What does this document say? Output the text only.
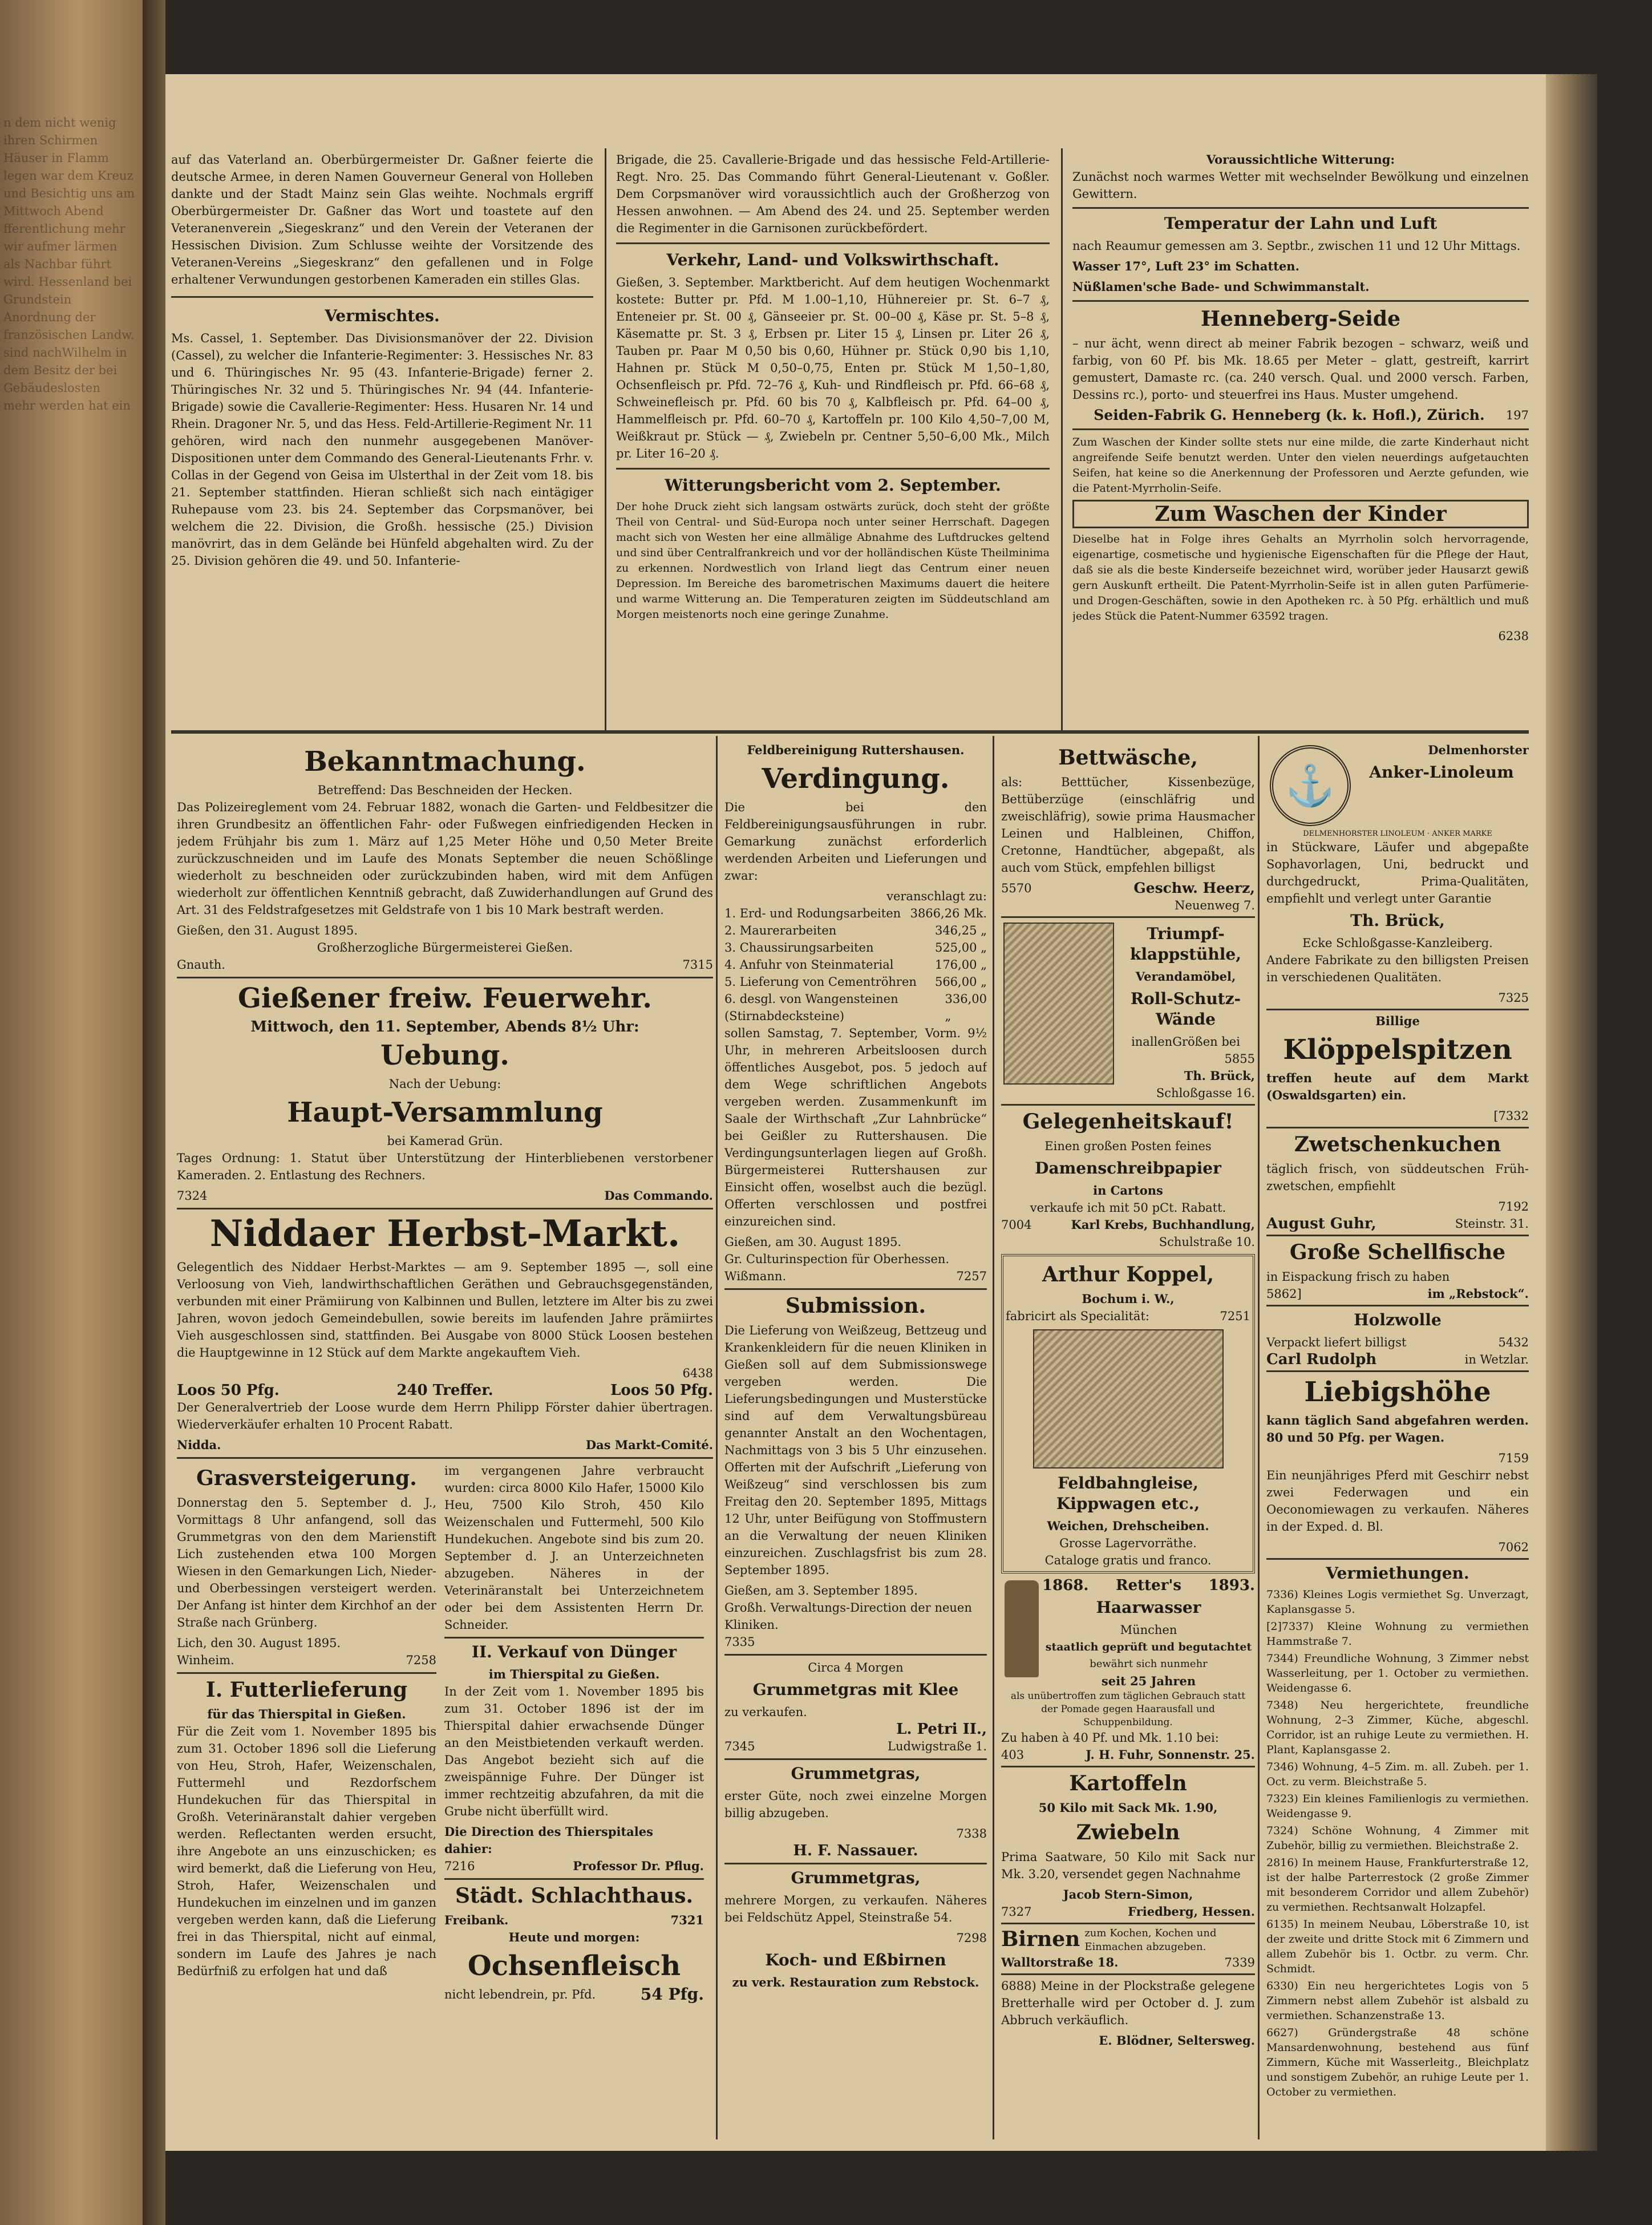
n dem nicht wenig ihren Schirmen Häuser in Flamm legen war dem Kreuz und Besichtig uns am Mittwoch Abend fferentlichung mehr wir aufmer lärmen als Nachbar führt wird. Hessenland bei Grundstein Anordnung der französischen Landw. sind nachWilhelm in dem Besitz der bei Gebäudeslosten mehr werden hat ein

auf das Vaterland an. Oberbürgermeister Dr. Gaßner feierte die deutsche Armee, in deren Namen Gouverneur General von Holleben dankte und der Stadt Mainz sein Glas weihte. Nochmals ergriff Oberbürgermeister Dr. Gaßner das Wort und toastete auf den Veteranenverein „Siegeskranz“ und den Verein der Veteranen der Hessischen Division. Zum Schlusse weihte der Vorsitzende des Veteranen-Vereins „Siegeskranz“ den gefallenen und in Folge erhaltener Verwundungen gestorbenen Kameraden ein stilles Glas.

Vermischtes.

Ms. Cassel, 1. September. Das Divisionsmanöver der 22. Division (Cassel), zu welcher die Infanterie-Regimenter: 3. Hessisches Nr. 83 und 6. Thüringisches Nr. 95 (43. Infanterie-Brigade) ferner 2. Thüringisches Nr. 32 und 5. Thüringisches Nr. 94 (44. Infanterie-Brigade) sowie die Cavallerie-Regimenter: Hess. Husaren Nr. 14 und Rhein. Dragoner Nr. 5, und das Hess. Feld-Artillerie-Regiment Nr. 11 gehören, wird nach den nunmehr ausgegebenen Manöver-Dispositionen unter dem Commando des General-Lieutenants Frhr. v. Collas in der Gegend von Geisa im Ulsterthal in der Zeit vom 18. bis 21. September stattfinden. Hieran schließt sich nach eintägiger Ruhepause vom 23. bis 24. September das Corpsmanöver, bei welchem die 22. Division, die Großh. hessische (25.) Division manövrirt, das in dem Gelände bei Hünfeld abgehalten wird. Zu der 25. Division gehören die 49. und 50. Infanterie-

Brigade, die 25. Cavallerie-Brigade und das hessische Feld-Artillerie-Regt. Nro. 25. Das Commando führt General-Lieutenant v. Goßler. Dem Corpsmanöver wird voraussichtlich auch der Großherzog von Hessen anwohnen. — Am Abend des 24. und 25. September werden die Regimenter in die Garnisonen zurückbefördert.

Verkehr, Land- und Volkswirthschaft.

Gießen, 3. September. Marktbericht. Auf dem heutigen Wochenmarkt kostete: Butter pr. Pfd. M 1.00–1,10, Hühnereier pr. St. 6–7 ₰, Enteneier pr. St. 00 ₰, Gänseeier pr. St. 00–00 ₰, Käse pr. St. 5–8 ₰, Käsematte pr. St. 3 ₰, Erbsen pr. Liter 15 ₰, Linsen pr. Liter 26 ₰, Tauben pr. Paar M 0,50 bis 0,60, Hühner pr. Stück 0,90 bis 1,10, Hahnen pr. Stück M 0,50–0,75, Enten pr. Stück M 1,50–1,80, Ochsenfleisch pr. Pfd. 72–76 ₰, Kuh- und Rindfleisch pr. Pfd. 66–68 ₰, Schweinefleisch pr. Pfd. 60 bis 70 ₰, Kalbfleisch pr. Pfd. 64–00 ₰, Hammelfleisch pr. Pfd. 60–70 ₰, Kartoffeln pr. 100 Kilo 4,50–7,00 M, Weißkraut pr. Stück — ₰, Zwiebeln pr. Centner 5,50–6,00 Mk., Milch pr. Liter 16–20 ₰.

Witterungsbericht vom 2. September.

Der hohe Druck zieht sich langsam ostwärts zurück, doch steht der größte Theil von Central- und Süd-Europa noch unter seiner Herrschaft. Dagegen macht sich von Westen her eine allmälige Abnahme des Luftdruckes geltend und sind über Centralfrankreich und vor der holländischen Küste Theilminima zu erkennen. Nordwestlich von Irland liegt das Centrum einer neuen Depression. Im Bereiche des barometrischen Maximums dauert die heitere und warme Witterung an. Die Temperaturen zeigten im Süddeutschland am Morgen meistenorts noch eine geringe Zunahme.

Voraussichtliche Witterung:

Zunächst noch warmes Wetter mit wechselnder Bewölkung und einzelnen Gewittern.

Temperatur der Lahn und Luft

nach Reaumur gemessen am 3. Septbr., zwischen 11 und 12 Uhr Mittags.

Wasser 17°, Luft 23° im Schatten.

Nüßlamen'sche Bade- und Schwimmanstalt.

Henneberg-Seide

– nur ächt, wenn direct ab meiner Fabrik bezogen – schwarz, weiß und farbig, von 60 Pf. bis Mk. 18.65 per Meter – glatt, gestreift, karrirt gemustert, Damaste rc. (ca. 240 versch. Qual. und 2000 versch. Farben, Dessins rc.), porto- und steuerfrei ins Haus. Muster umgehend.

197
Seiden-Fabrik G. Henneberg (k. k. Hofl.), Zürich.

Zum Waschen der Kinder sollte stets nur eine milde, die zarte Kinderhaut nicht angreifende Seife benutzt werden. Unter den vielen neuerdings aufgetauchten Seifen, hat keine so die Anerkennung der Professoren und Aerzte gefunden, wie die Patent-Myrrholin-Seife.

Zum Waschen der Kinder

Dieselbe hat in Folge ihres Gehalts an Myrrholin solch hervorragende, eigenartige, cosmetische und hygienische Eigenschaften für die Pflege der Haut, daß sie als die beste Kinderseife bezeichnet wird, worüber jeder Hausarzt gewiß gern Auskunft ertheilt. Die Patent-Myrrholin-Seife ist in allen guten Parfümerie- und Drogen-Geschäften, sowie in den Apotheken rc. à 50 Pfg. erhältlich und muß jedes Stück die Patent-Nummer 63592 tragen.

6238
Bekanntmachung.
Betreffend: Das Beschneiden der Hecken.

Das Polizeireglement vom 24. Februar 1882, wonach die Garten- und Feldbesitzer die ihren Grundbesitz an öffentlichen Fahr- oder Fußwegen einfriedigenden Hecken in jedem Frühjahr bis zum 1. März auf 1,25 Meter Höhe und 0,50 Meter Breite zurückzuschneiden und im Laufe des Monats September die neuen Schößlinge wiederholt zu beschneiden oder zurückzubinden haben, wird mit dem Anfügen wiederholt zur öffentlichen Kenntniß gebracht, daß Zuwiderhandlungen auf Grund des Art. 31 des Feldstrafgesetzes mit Geldstrafe von 1 bis 10 Mark bestraft werden.

Gießen, den 31. August 1895.
Großherzogliche Bürgermeisterei Gießen.
Gnauth.	7315
Gießener freiw. Feuerwehr.
Mittwoch, den 11. September, Abends 8½ Uhr:
Uebung.
Nach der Uebung:
Haupt-Versammlung
bei Kamerad Grün.

Tages Ordnung: 1. Statut über Unterstützung der Hinterbliebenen verstorbener Kameraden. 2. Entlastung des Rechners.

7324	Das Commando.
Niddaer Herbst-Markt.

Gelegentlich des Niddaer Herbst-Marktes — am 9. September 1895 —, soll eine Verloosung von Vieh, landwirthschaftlichen Geräthen und Gebrauchsgegenständen, verbunden mit einer Prämiirung von Kalbinnen und Bullen, letztere im Alter bis zu zwei Jahren, wovon jedoch Gemeindebullen, sowie bereits im laufenden Jahre prämiirtes Vieh ausgeschlossen sind, stattfinden. Bei Ausgabe von 8000 Stück Loosen bestehen die Hauptgewinne in 12 Stück auf dem Markte angekauftem Vieh.

6438
Loos 50 Pfg.	240 Treffer.	Loos 50 Pfg.

Der Generalvertrieb der Loose wurde dem Herrn Philipp Förster dahier übertragen. Wiederverkäufer erhalten 10 Procent Rabatt.

Nidda.	Das Markt-Comité.
Grasversteigerung.

Donnerstag den 5. September d. J., Vormittags 8 Uhr anfangend, soll das Grummetgras von den dem Marienstift Lich zustehenden etwa 100 Morgen Wiesen in den Gemarkungen Lich, Nieder- und Oberbessingen versteigert werden. Der Anfang ist hinter dem Kirchhof an der Straße nach Grünberg.

Lich, den 30. August 1895.
Winheim.	7258
I. Futterlieferung
für das Thierspital in Gießen.

Für die Zeit vom 1. November 1895 bis zum 31. October 1896 soll die Lieferung von Heu, Stroh, Hafer, Weizenschalen, Futtermehl und Rezdorfschem Hundekuchen für das Thierspital in Großh. Veterinäranstalt dahier vergeben werden. Reflectanten werden ersucht, ihre Angebote an uns einzuschicken; es wird bemerkt, daß die Lieferung von Heu, Stroh, Hafer, Weizenschalen und Hundekuchen im einzelnen und im ganzen vergeben werden kann, daß die Lieferung frei in das Thierspital, nicht auf einmal, sondern im Laufe des Jahres je nach Bedürfniß zu erfolgen hat und daß

im vergangenen Jahre verbraucht wurden: circa 8000 Kilo Hafer, 15000 Kilo Heu, 7500 Kilo Stroh, 450 Kilo Weizenschalen und Futtermehl, 500 Kilo Hundekuchen. Angebote sind bis zum 20. September d. J. an Unterzeichneten abzugeben. Näheres in der Veterinäranstalt bei Unterzeichnetem oder bei dem Assistenten Herrn Dr. Schneider.

II. Verkauf von Dünger
im Thierspital zu Gießen.

In der Zeit vom 1. November 1895 bis zum 31. October 1896 ist der im Thierspital dahier erwachsende Dünger an den Meistbietenden verkauft werden. Das Angebot bezieht sich auf die zweispännige Fuhre. Der Dünger ist immer rechtzeitig abzufahren, da mit die Grube nicht überfüllt wird.

Die Direction des Thierspitales dahier:
7216	Professor Dr. Pflug.
Städt. Schlachthaus.
Freibank.	7321
Heute und morgen:
Ochsenfleisch
nicht lebendrein, pr. Pfd.	54 Pfg.
Feldbereinigung Ruttershausen.
Verdingung.

Die bei den Feldbereinigungsausführungen in rubr. Gemarkung zunächst erforderlich werdenden Arbeiten und Lieferungen und zwar:

veranschlagt zu:
1. Erd- und Rodungsarbeiten 3866,26 Mk.
2. Maurerarbeiten	346,25 „
3. Chaussirungsarbeiten	525,00 „
4. Anfuhr von Steinmaterial	176,00 „
5. Lieferung von Cementröhren 566,00 „
6. desgl. von Wangensteinen (Stirnabdecksteine)
336,00 „

sollen Samstag, 7. September, Vorm. 9½ Uhr, in mehreren Arbeitsloosen durch öffentliches Ausgebot, pos. 5 jedoch auf dem Wege schriftlichen Angebots vergeben werden. Zusammenkunft im Saale der Wirthschaft „Zur Lahnbrücke“ bei Geißler zu Ruttershausen. Die Verdingungsunterlagen liegen auf Großh. Bürgermeisterei Ruttershausen zur Einsicht offen, woselbst auch die bezügl. Offerten verschlossen und postfrei einzureichen sind.

Gießen, am 30. August 1895.
Gr. Culturinspection für Oberhessen.
Wißmann.	7257
Submission.

Die Lieferung von Weißzeug, Bettzeug und Krankenkleidern für die neuen Kliniken in Gießen soll auf dem Submissionswege vergeben werden. Die Lieferungsbedingungen und Musterstücke sind auf dem Verwaltungsbüreau genannter Anstalt an den Wochentagen, Nachmittags von 3 bis 5 Uhr einzusehen. Offerten mit der Aufschrift „Lieferung von Weißzeug“ sind verschlossen bis zum Freitag den 20. September 1895, Mittags 12 Uhr, unter Beifügung von Stoffmustern an die Verwaltung der neuen Kliniken einzureichen. Zuschlagsfrist bis zum 28. September 1895.

Gießen, am 3. September 1895.
Großh. Verwaltungs-Direction der neuen Kliniken.
7335
Circa 4 Morgen
Grummetgras mit Klee
zu verkaufen.
L. Petri II.,
7345	Ludwigstraße 1.
Grummetgras,

erster Güte, noch zwei einzelne Morgen billig abzugeben.

7338
H. F. Nassauer.
Grummetgras,

mehrere Morgen, zu verkaufen. Näheres bei Feldschütz Appel, Steinstraße 54.

7298
Koch- und Eßbirnen
zu verk. Restauration zum Rebstock.
Bettwäsche,

als: Betttücher, Kissenbezüge, Bettüberzüge (einschläfrig und zweischläfrig), sowie prima Hausmacher Leinen und Halbleinen, Chiffon, Cretonne, Handtücher, abgepaßt, als auch vom Stück, empfehlen billigst

5570	Geschw. Heerz,
Neuenweg 7.
Triumpf-klappstühle,
Verandamöbel,
Roll-Schutz-Wände
inallenGrößen bei
5855
Th. Brück,
Schloßgasse 16.
Gelegenheitskauf!
Einen großen Posten feines
Damenschreibpapier
in Cartons
verkaufe ich mit 50 pCt. Rabatt.
7004	Karl Krebs, Buchhandlung,
Schulstraße 10.
Arthur Koppel,
Bochum i. W.,
fabricirt als Specialität:	7251
Feldbahngleise, Kippwagen etc.,
Weichen, Drehscheiben.
Grosse Lagervorräthe.
Cataloge gratis und franco.
1868. Retter's 1893.
Haarwasser
München
staatlich geprüft und begutachtet
bewährt sich nunmehr
seit 25 Jahren
als unübertroffen zum täglichen Gebrauch statt der Pomade gegen Haarausfall und Schuppenbildung.
Zu haben à 40 Pf. und Mk. 1.10 bei:
403	J. H. Fuhr, Sonnenstr. 25.
Kartoffeln
50 Kilo mit Sack Mk. 1.90,
Zwiebeln

Prima Saatware, 50 Kilo mit Sack nur Mk. 3.20, versendet gegen Nachnahme

Jacob Stern-Simon,
7327	Friedberg, Hessen.
Birnen zum Kochen, Kochen und Einmachen abzugeben.
Walltorstraße 18.	7339

6888) Meine in der Plockstraße gelegene Bretterhalle wird per October d. J. zum Abbruch verkäuflich.

E. Blödner, Seltersweg.
⚓
Delmenhorster
Anker-Linoleum
DELMENHORSTER LINOLEUM · ANKER MARKE

in Stückware, Läufer und abgepaßte Sophavorlagen, Uni, bedruckt und durchgedruckt, Prima-Qualitäten, empfiehlt und verlegt unter Garantie

Th. Brück,
Ecke Schloßgasse-Kanzleiberg.

Andere Fabrikate zu den billigsten Preisen in verschiedenen Qualitäten.

7325
Billige
Klöppelspitzen

treffen heute auf dem Markt (Oswaldsgarten) ein.

[7332
Zwetschenkuchen

täglich frisch, von süddeutschen Früh-zwetschen, empfiehlt

7192
August Guhr,	Steinstr. 31.
Große Schellfische
in Eispackung frisch zu haben
5862]	im „Rebstock“.
Holzwolle
Verpackt liefert billigst	5432
Carl Rudolph	in Wetzlar.
Liebigshöhe

kann täglich Sand abgefahren werden. 80 und 50 Pfg. per Wagen.

7159

Ein neunjähriges Pferd mit Geschirr nebst zwei Federwagen und ein Oeconomiewagen zu verkaufen. Näheres in der Exped. d. Bl.

7062
Vermiethungen.

7336) Kleines Logis vermiethet Sg. Unverzagt, Kaplansgasse 5.

[2]7337) Kleine Wohnung zu vermiethen Hammstraße 7.

7344) Freundliche Wohnung, 3 Zimmer nebst Wasserleitung, per 1. October zu vermiethen. Weidengasse 6.

7348) Neu hergerichtete, freundliche Wohnung, 2–3 Zimmer, Küche, abgeschl. Corridor, ist an ruhige Leute zu vermiethen. H. Plant, Kaplansgasse 2.

7346) Wohnung, 4–5 Zim. m. all. Zubeh. per 1. Oct. zu verm. Bleichstraße 5.

7323) Ein kleines Familienlogis zu vermiethen. Weidengasse 9.

7324) Schöne Wohnung, 4 Zimmer mit Zubehör, billig zu vermiethen. Bleichstraße 2.

2816) In meinem Hause, Frankfurterstraße 12, ist der halbe Parterrestock (2 große Zimmer mit besonderem Corridor und allem Zubehör) zu vermiethen. Rechtsanwalt Holzapfel.

6135) In meinem Neubau, Löberstraße 10, ist der zweite und dritte Stock mit 6 Zimmern und allem Zubehör bis 1. Octbr. zu verm. Chr. Schmidt.

6330) Ein neu hergerichtetes Logis von 5 Zimmern nebst allem Zubehör ist alsbald zu vermiethen. Schanzenstraße 13.

6627) Gründergstraße 48 schöne Mansardenwohnung, bestehend aus fünf Zimmern, Küche mit Wasserleitg., Bleichplatz und sonstigem Zubehör, an ruhige Leute per 1. October zu vermiethen.
